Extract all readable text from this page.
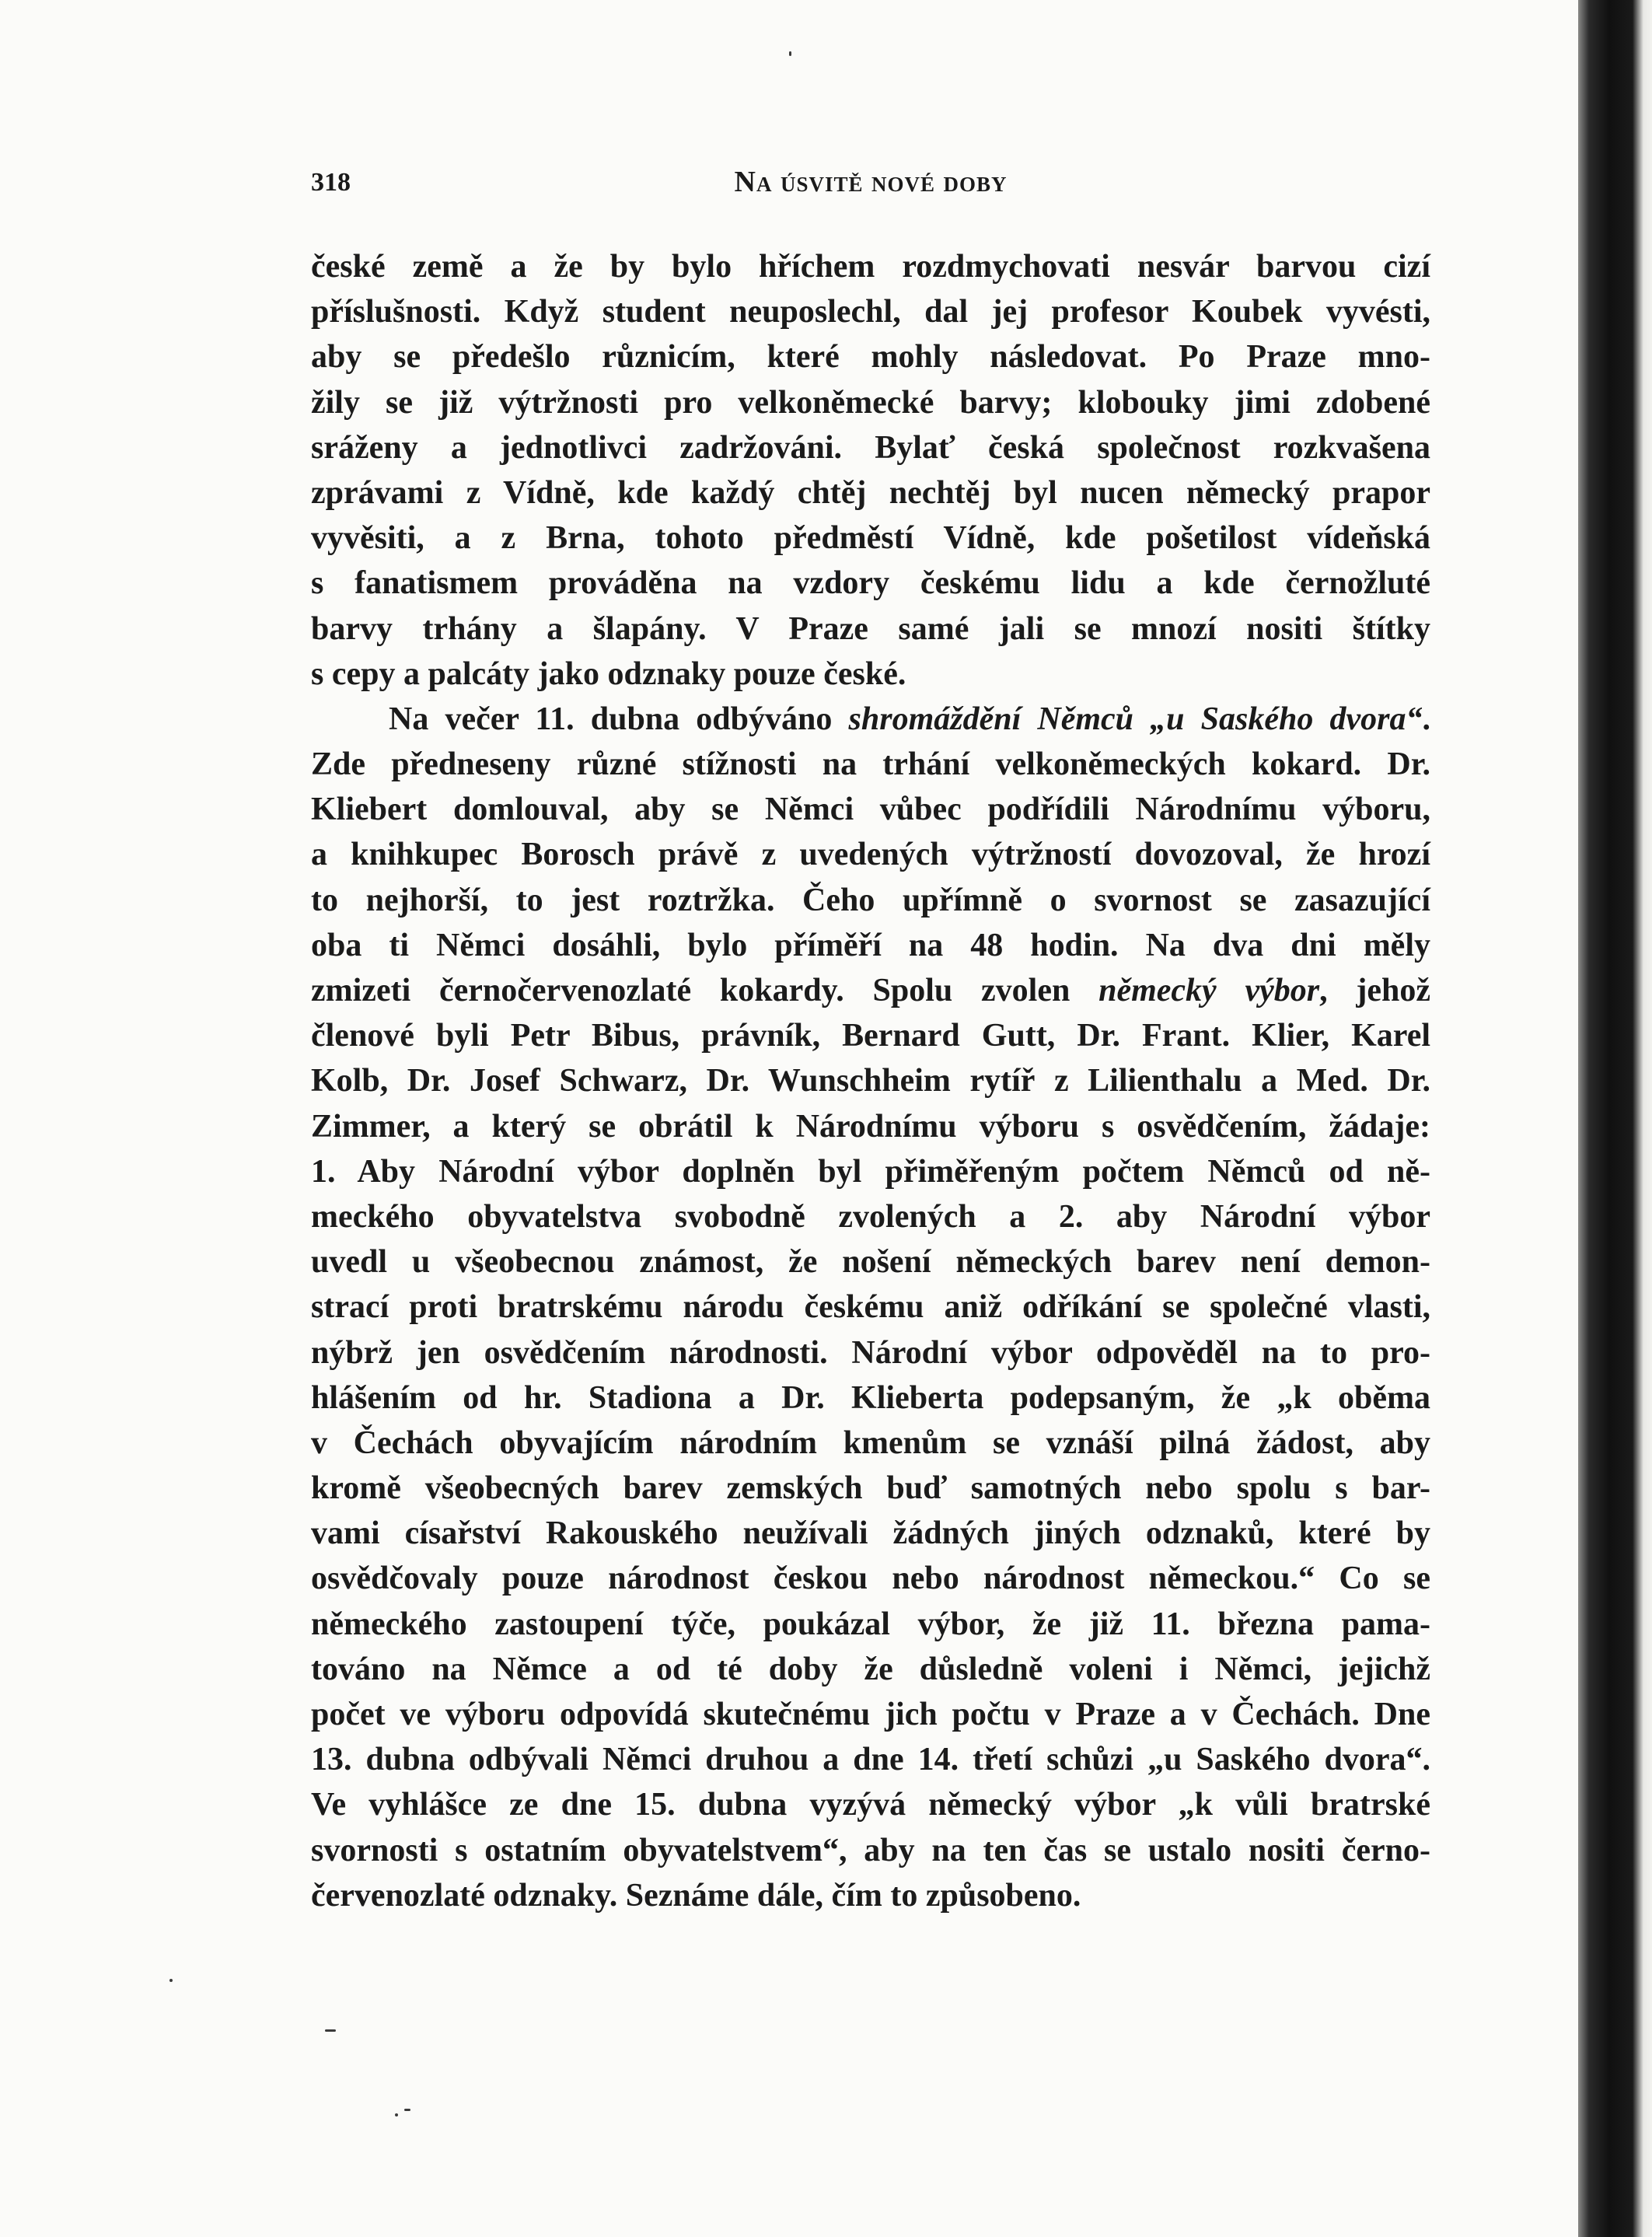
318	Na úsvitě nové doby
české země a že by bylo hříchem rozdmychovati nesvár barvou cizí
příslušnosti. Když student neuposlechl, dal jej profesor Koubek vyvésti,
aby se předešlo různicím, které mohly následovat. Po Praze mno-
žily se již výtržnosti pro velkoněmecké barvy; klobouky jimi zdobené
sráženy a jednotlivci zadržováni. Bylať česká společnost rozkvašena
zprávami z Vídně, kde každý chtěj nechtěj byl nucen německý prapor
vyvěsiti, a z Brna, tohoto předměstí Vídně, kde pošetilost vídeňská
s fanatismem prováděna na vzdory českému lidu a kde černožluté
barvy trhány a šlapány. V Praze samé jali se mnozí nositi štítky
s cepy a palcáty jako odznaky pouze české.
Na večer 11. dubna odbýváno shromáždění Němců „u Saského dvora“.
Zde předneseny různé stížnosti na trhání velkoněmeckých kokard. Dr.
Kliebert domlouval, aby se Němci vůbec podřídili Národnímu výboru,
a knihkupec Borosch právě z uvedených výtržností dovozoval, že hrozí
to nejhorší, to jest roztržka. Čeho upřímně o svornost se zasazující
oba ti Němci dosáhli, bylo příměří na 48 hodin. Na dva dni měly
zmizeti černočervenozlaté kokardy. Spolu zvolen německý výbor, jehož
členové byli Petr Bibus, právník, Bernard Gutt, Dr. Frant. Klier, Karel
Kolb, Dr. Josef Schwarz, Dr. Wunschheim rytíř z Lilienthalu a Med. Dr.
Zimmer, a který se obrátil k Národnímu výboru s osvědčením, žádaje:
1. Aby Národní výbor doplněn byl přiměřeným počtem Němců od ně-
meckého obyvatelstva svobodně zvolených a 2. aby Národní výbor
uvedl u všeobecnou známost, že nošení německých barev není demon-
strací proti bratrskému národu českému aniž odříkání se společné vlasti,
nýbrž jen osvědčením národnosti. Národní výbor odpověděl na to pro-
hlášením od hr. Stadiona a Dr. Klieberta podepsaným, že „k oběma
v Čechách obyvajícím národním kmenům se vznáší pilná žádost, aby
kromě všeobecných barev zemských buď samotných nebo spolu s bar-
vami císařství Rakouského neužívali žádných jiných odznaků, které by
osvědčovaly pouze národnost českou nebo národnost německou.“ Co se
německého zastoupení týče, poukázal výbor, že již 11. března pama-
továno na Němce a od té doby že důsledně voleni i Němci, jejichž
počet ve výboru odpovídá skutečnému jich počtu v Praze a v Čechách. Dne
13. dubna odbývali Němci druhou a dne 14. třetí schůzi „u Saského dvora“.
Ve vyhlášce ze dne 15. dubna vyzývá německý výbor „k vůli bratrské
svornosti s ostatním obyvatelstvem“, aby na ten čas se ustalo nositi černo-
červenozlaté odznaky. Seznáme dále, čím to způsobeno.
